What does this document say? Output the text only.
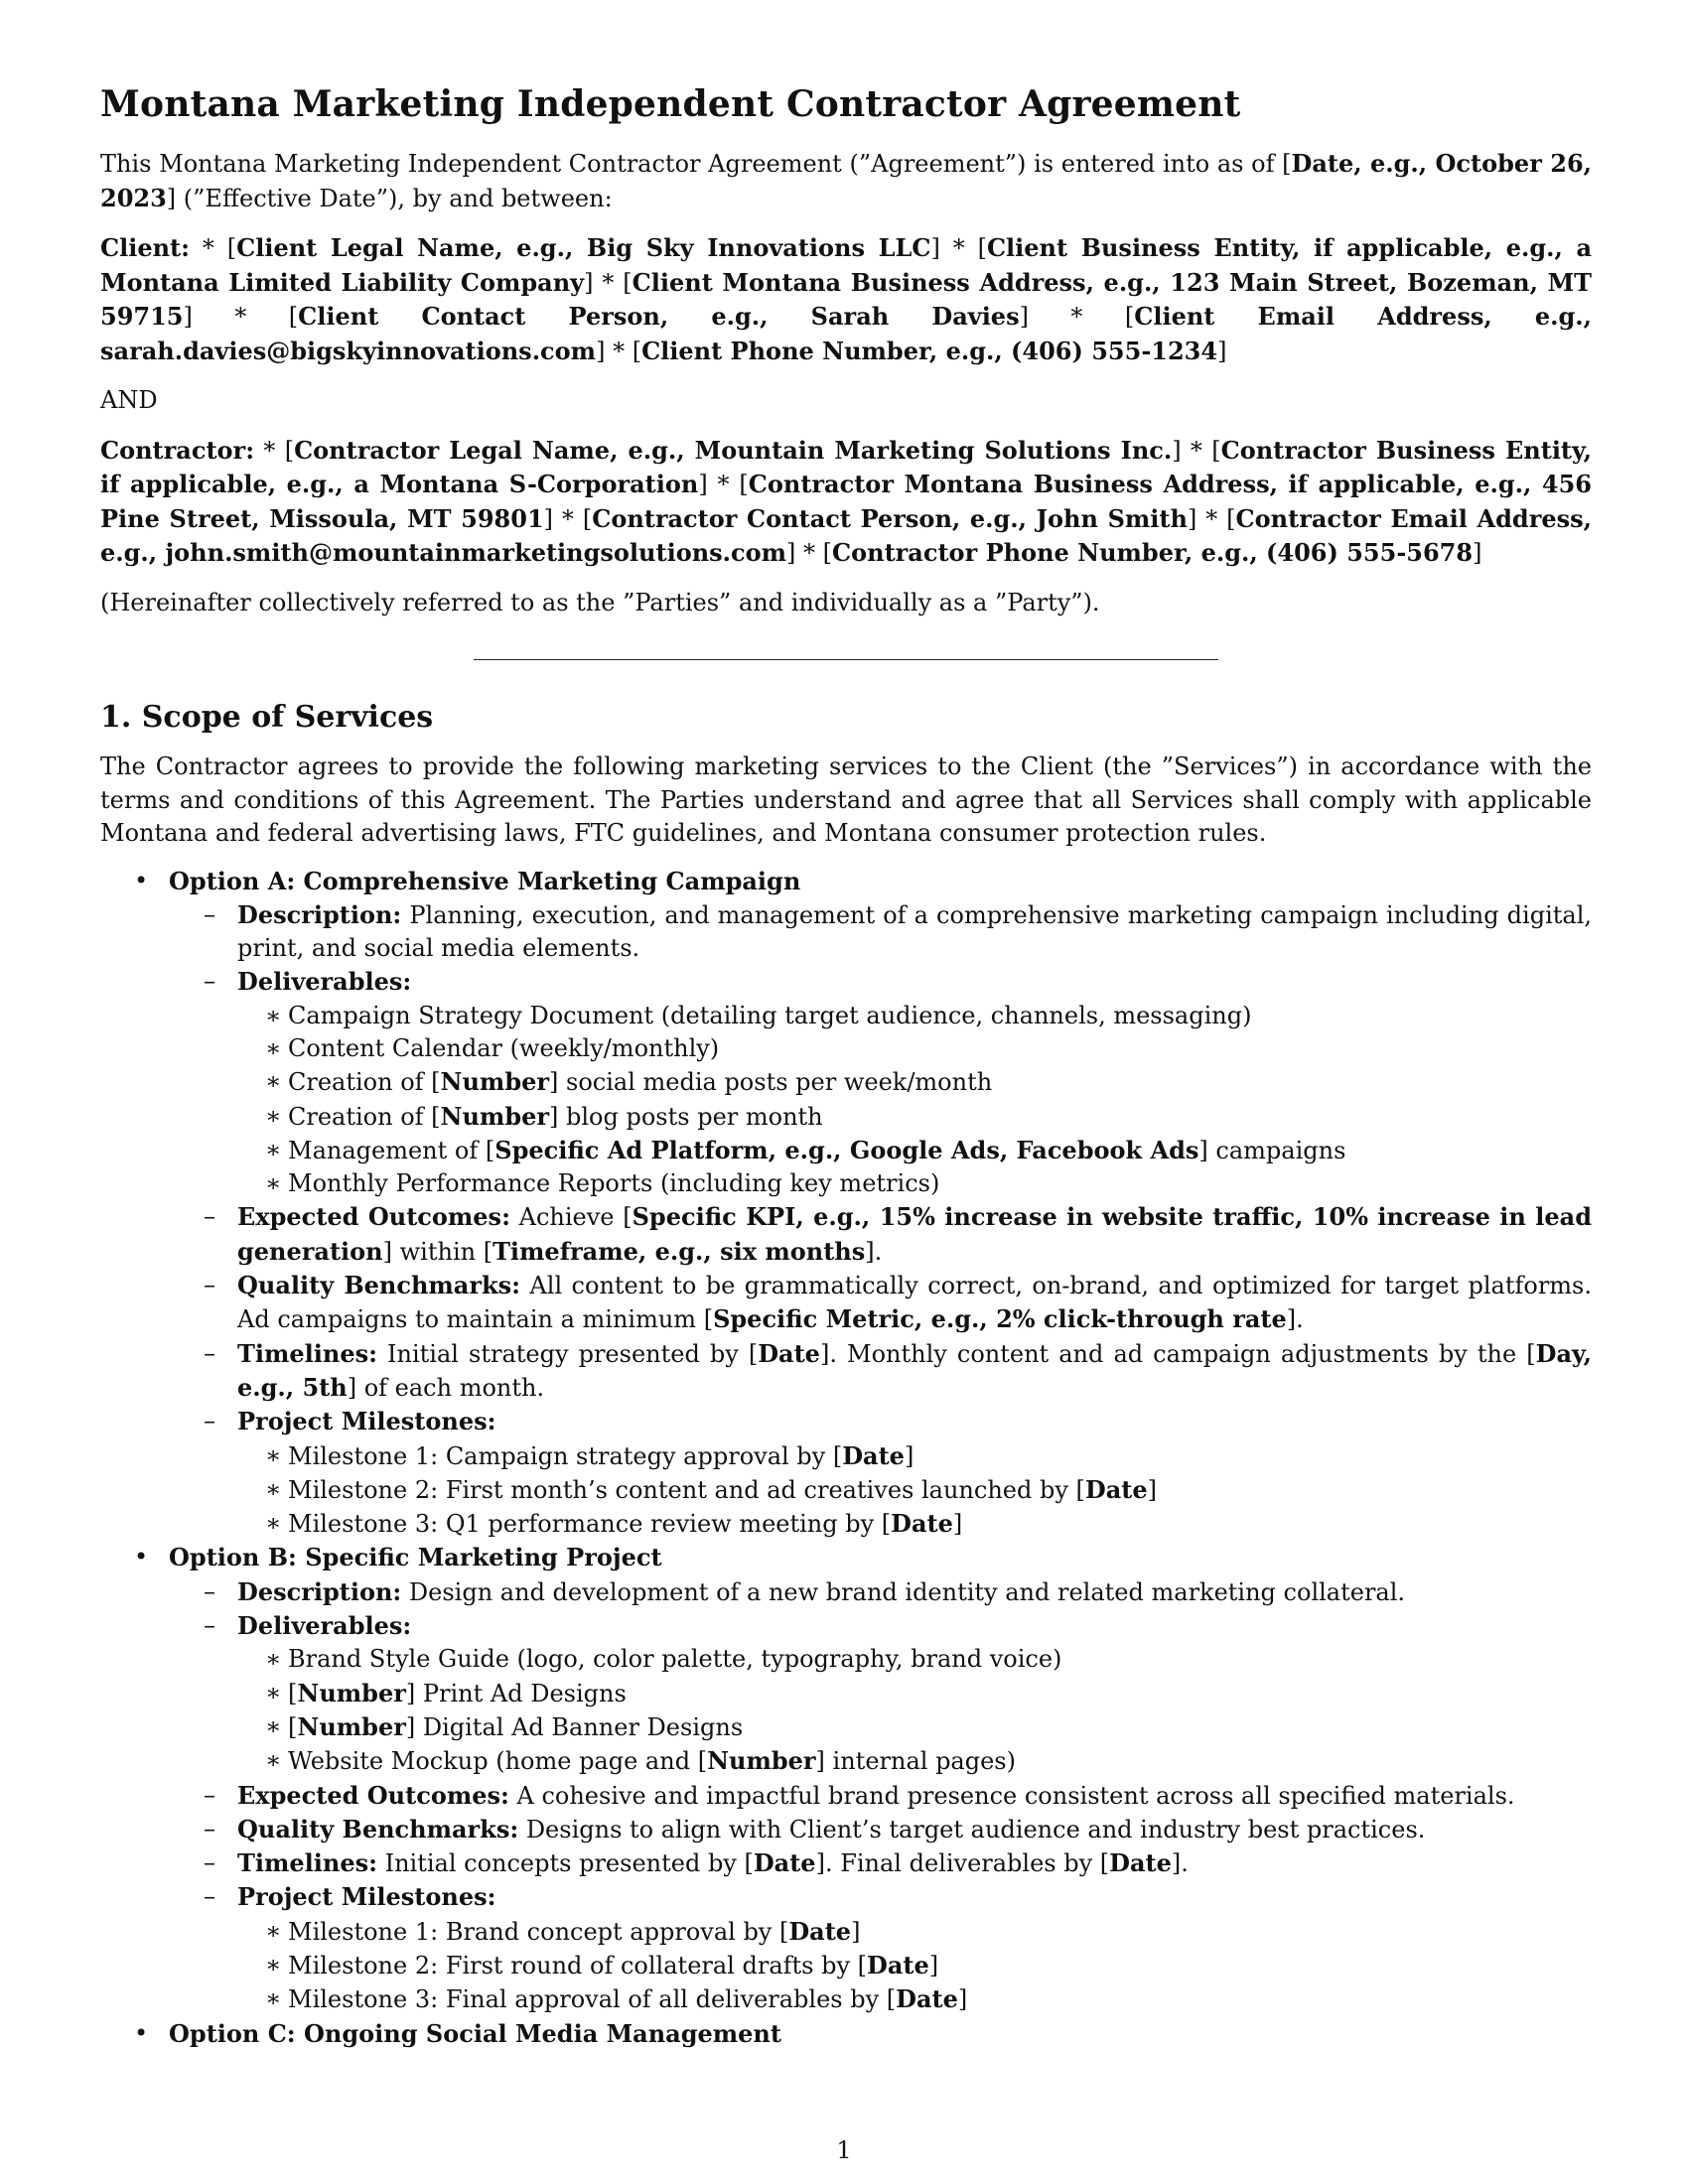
Montana Marketing Independent Contractor Agreement

This Montana Marketing Independent Contractor Agreement (”Agreement”) is entered into as of [Date, e.g., October 26, 2023] (”Effective Date”), by and between:

Client: * [Client Legal Name, e.g., Big Sky Innovations LLC] * [Client Business Entity, if applicable, e.g., a Montana Limited Liability Company] * [Client Montana Business Address, e.g., 123 Main Street, Bozeman, MT 59715] * [Client Contact Person, e.g., Sarah Davies] * [Client Email Address, e.g., sarah.davies@bigskyinnovations.com] * [Client Phone Number, e.g., (406) 555-1234]

AND

Contractor: * [Contractor Legal Name, e.g., Mountain Marketing Solutions Inc.] * [Contractor Business Entity, if applicable, e.g., a Montana S-Corporation] * [Contractor Montana Business Address, if applicable, e.g., 456 Pine Street, Missoula, MT 59801] * [Contractor Contact Person, e.g., John Smith] * [Contractor Email Address, e.g., john.smith@mountainmarketingsolutions.com] * [Contractor Phone Number, e.g., (406) 555-5678]

(Hereinafter collectively referred to as the ”Parties” and individually as a ”Party”).

1. Scope of Services

The Contractor agrees to provide the following marketing services to the Client (the ”Services”) in accordance with the terms and conditions of this Agreement. The Parties understand and agree that all Services shall comply with applicable Montana and federal advertising laws, FTC guidelines, and Montana consumer protection rules.

• Option A: Comprehensive Marketing Campaign
– Description: Planning, execution, and management of a comprehensive marketing campaign including digital, print, and social media elements.
– Deliverables:
∗ Campaign Strategy Document (detailing target audience, channels, messaging)
∗ Content Calendar (weekly/monthly)
∗ Creation of [Number] social media posts per week/month
∗ Creation of [Number] blog posts per month
∗ Management of [Specific Ad Platform, e.g., Google Ads, Facebook Ads] campaigns
∗ Monthly Performance Reports (including key metrics)
– Expected Outcomes: Achieve [Specific KPI, e.g., 15% increase in website traffic, 10% increase in lead generation] within [Timeframe, e.g., six months].
– Quality Benchmarks: All content to be grammatically correct, on-brand, and optimized for target platforms. Ad campaigns to maintain a minimum [Specific Metric, e.g., 2% click-through rate].
– Timelines: Initial strategy presented by [Date]. Monthly content and ad campaign adjustments by the [Day, e.g., 5th] of each month.
– Project Milestones:
∗ Milestone 1: Campaign strategy approval by [Date]
∗ Milestone 2: First month’s content and ad creatives launched by [Date]
∗ Milestone 3: Q1 performance review meeting by [Date]
• Option B: Specific Marketing Project
– Description: Design and development of a new brand identity and related marketing collateral.
– Deliverables:
∗ Brand Style Guide (logo, color palette, typography, brand voice)
∗ [Number] Print Ad Designs
∗ [Number] Digital Ad Banner Designs
∗ Website Mockup (home page and [Number] internal pages)
– Expected Outcomes: A cohesive and impactful brand presence consistent across all specified materials.
– Quality Benchmarks: Designs to align with Client’s target audience and industry best practices.
– Timelines: Initial concepts presented by [Date]. Final deliverables by [Date].
– Project Milestones:
∗ Milestone 1: Brand concept approval by [Date]
∗ Milestone 2: First round of collateral drafts by [Date]
∗ Milestone 3: Final approval of all deliverables by [Date]
• Option C: Ongoing Social Media Management
1
